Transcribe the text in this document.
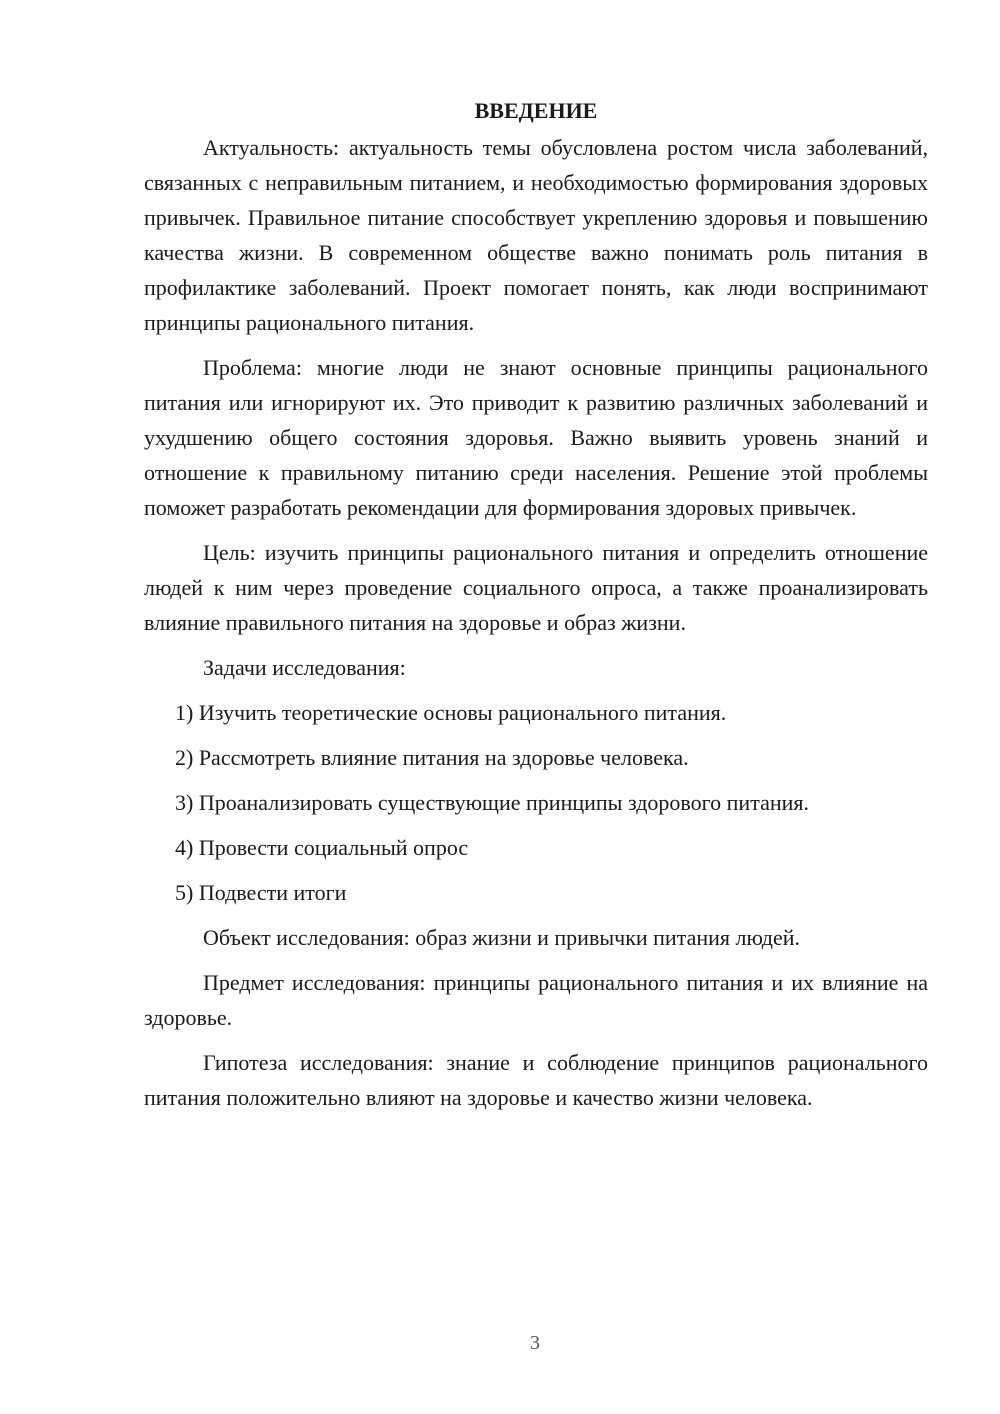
ВВЕДЕНИЕ

Актуальность: актуальность темы обусловлена ростом числа заболеваний, связанных с неправильным питанием, и необходимостью формирования здоровых привычек. Правильное питание способствует укреплению здоровья и повышению качества жизни. В современном обществе важно понимать роль питания в профилактике заболеваний. Проект помогает понять, как люди воспринимают принципы рационального питания.

Проблема: многие люди не знают основные принципы рационального питания или игнорируют их. Это приводит к развитию различных заболеваний и ухудшению общего состояния здоровья. Важно выявить уровень знаний и отношение к правильному питанию среди населения. Решение этой проблемы поможет разработать рекомендации для формирования здоровых привычек.

Цель: изучить принципы рационального питания и определить отношение людей к ним через проведение социального опроса, а также проанализировать влияние правильного питания на здоровье и образ жизни.

Задачи исследования:

1) Изучить теоретические основы рационального питания.
2) Рассмотреть влияние питания на здоровье человека.
3) Проанализировать существующие принципы здорового питания.
4) Провести социальный опрос
5) Подвести итоги

Объект исследования: образ жизни и привычки питания людей.

Предмет исследования: принципы рационального питания и их влияние на здоровье.

Гипотеза исследования: знание и соблюдение принципов рационального питания положительно влияют на здоровье и качество жизни человека.

3
